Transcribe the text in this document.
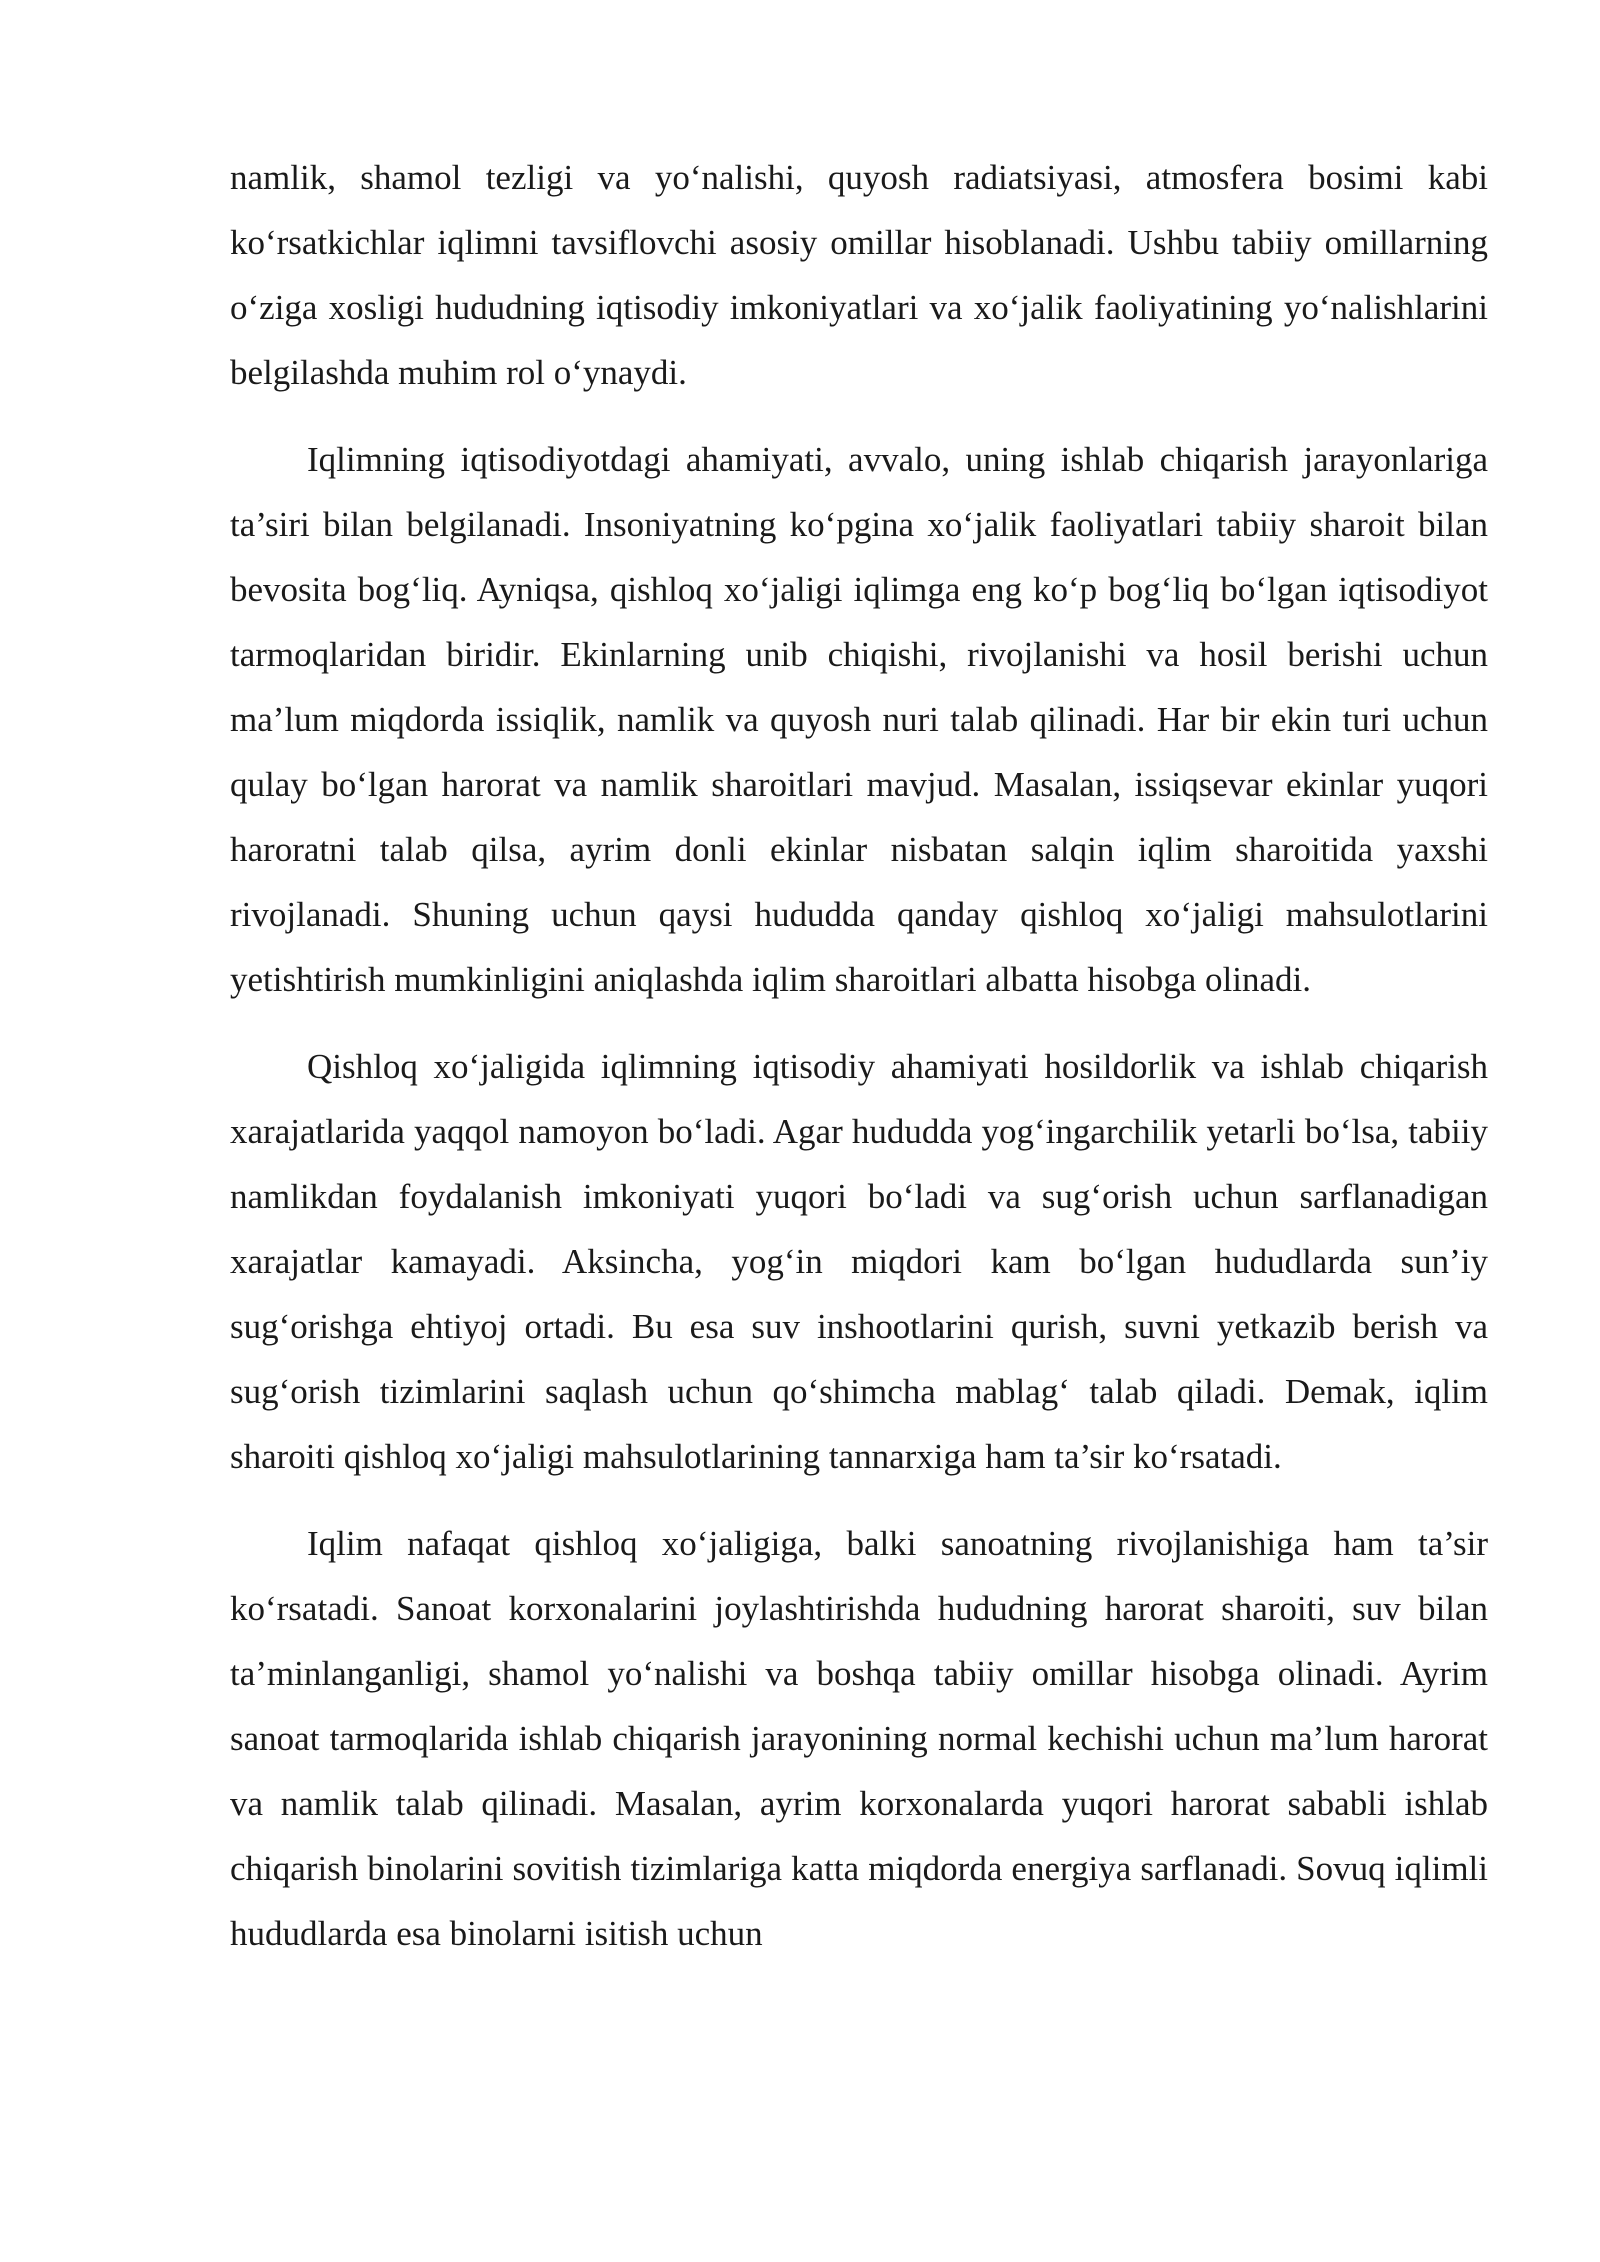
namlik, shamol tezligi va yo‘nalishi, quyosh radiatsiyasi, atmosfera bosimi kabi ko‘rsatkichlar iqlimni tavsiflovchi asosiy omillar hisoblanadi. Ushbu tabiiy omillarning o‘ziga xosligi hududning iqtisodiy imkoniyatlari va xo‘jalik faoliyatining yo‘nalishlarini belgilashda muhim rol o‘ynaydi.

Iqlimning iqtisodiyotdagi ahamiyati, avvalo, uning ishlab chiqarish jarayonlariga ta’siri bilan belgilanadi. Insoniyatning ko‘pgina xo‘jalik faoliyatlari tabiiy sharoit bilan bevosita bog‘liq. Ayniqsa, qishloq xo‘jaligi iqlimga eng ko‘p bog‘liq bo‘lgan iqtisodiyot tarmoqlaridan biridir. Ekinlarning unib chiqishi, rivojlanishi va hosil berishi uchun ma’lum miqdorda issiqlik, namlik va quyosh nuri talab qilinadi. Har bir ekin turi uchun qulay bo‘lgan harorat va namlik sharoitlari mavjud. Masalan, issiqsevar ekinlar yuqori haroratni talab qilsa, ayrim donli ekinlar nisbatan salqin iqlim sharoitida yaxshi rivojlanadi. Shuning uchun qaysi hududda qanday qishloq xo‘jaligi mahsulotlarini yetishtirish mumkinligini aniqlashda iqlim sharoitlari albatta hisobga olinadi.

Qishloq xo‘jaligida iqlimning iqtisodiy ahamiyati hosildorlik va ishlab chiqarish xarajatlarida yaqqol namoyon bo‘ladi. Agar hududda yog‘ingarchilik yetarli bo‘lsa, tabiiy namlikdan foydalanish imkoniyati yuqori bo‘ladi va sug‘orish uchun sarflanadigan xarajatlar kamayadi. Aksincha, yog‘in miqdori kam bo‘lgan hududlarda sun’iy sug‘orishga ehtiyoj ortadi. Bu esa suv inshootlarini qurish, suvni yetkazib berish va sug‘orish tizimlarini saqlash uchun qo‘shimcha mablag‘ talab qiladi. Demak, iqlim sharoiti qishloq xo‘jaligi mahsulotlarining tannarxiga ham ta’sir ko‘rsatadi.

Iqlim nafaqat qishloq xo‘jaligiga, balki sanoatning rivojlanishiga ham ta’sir ko‘rsatadi. Sanoat korxonalarini joylashtirishda hududning harorat sharoiti, suv bilan ta’minlanganligi, shamol yo‘nalishi va boshqa tabiiy omillar hisobga olinadi. Ayrim sanoat tarmoqlarida ishlab chiqarish jarayonining normal kechishi uchun ma’lum harorat va namlik talab qilinadi. Masalan, ayrim korxonalarda yuqori harorat sababli ishlab chiqarish binolarini sovitish tizimlariga katta miqdorda energiya sarflanadi. Sovuq iqlimli hududlarda esa binolarni isitish uchun
